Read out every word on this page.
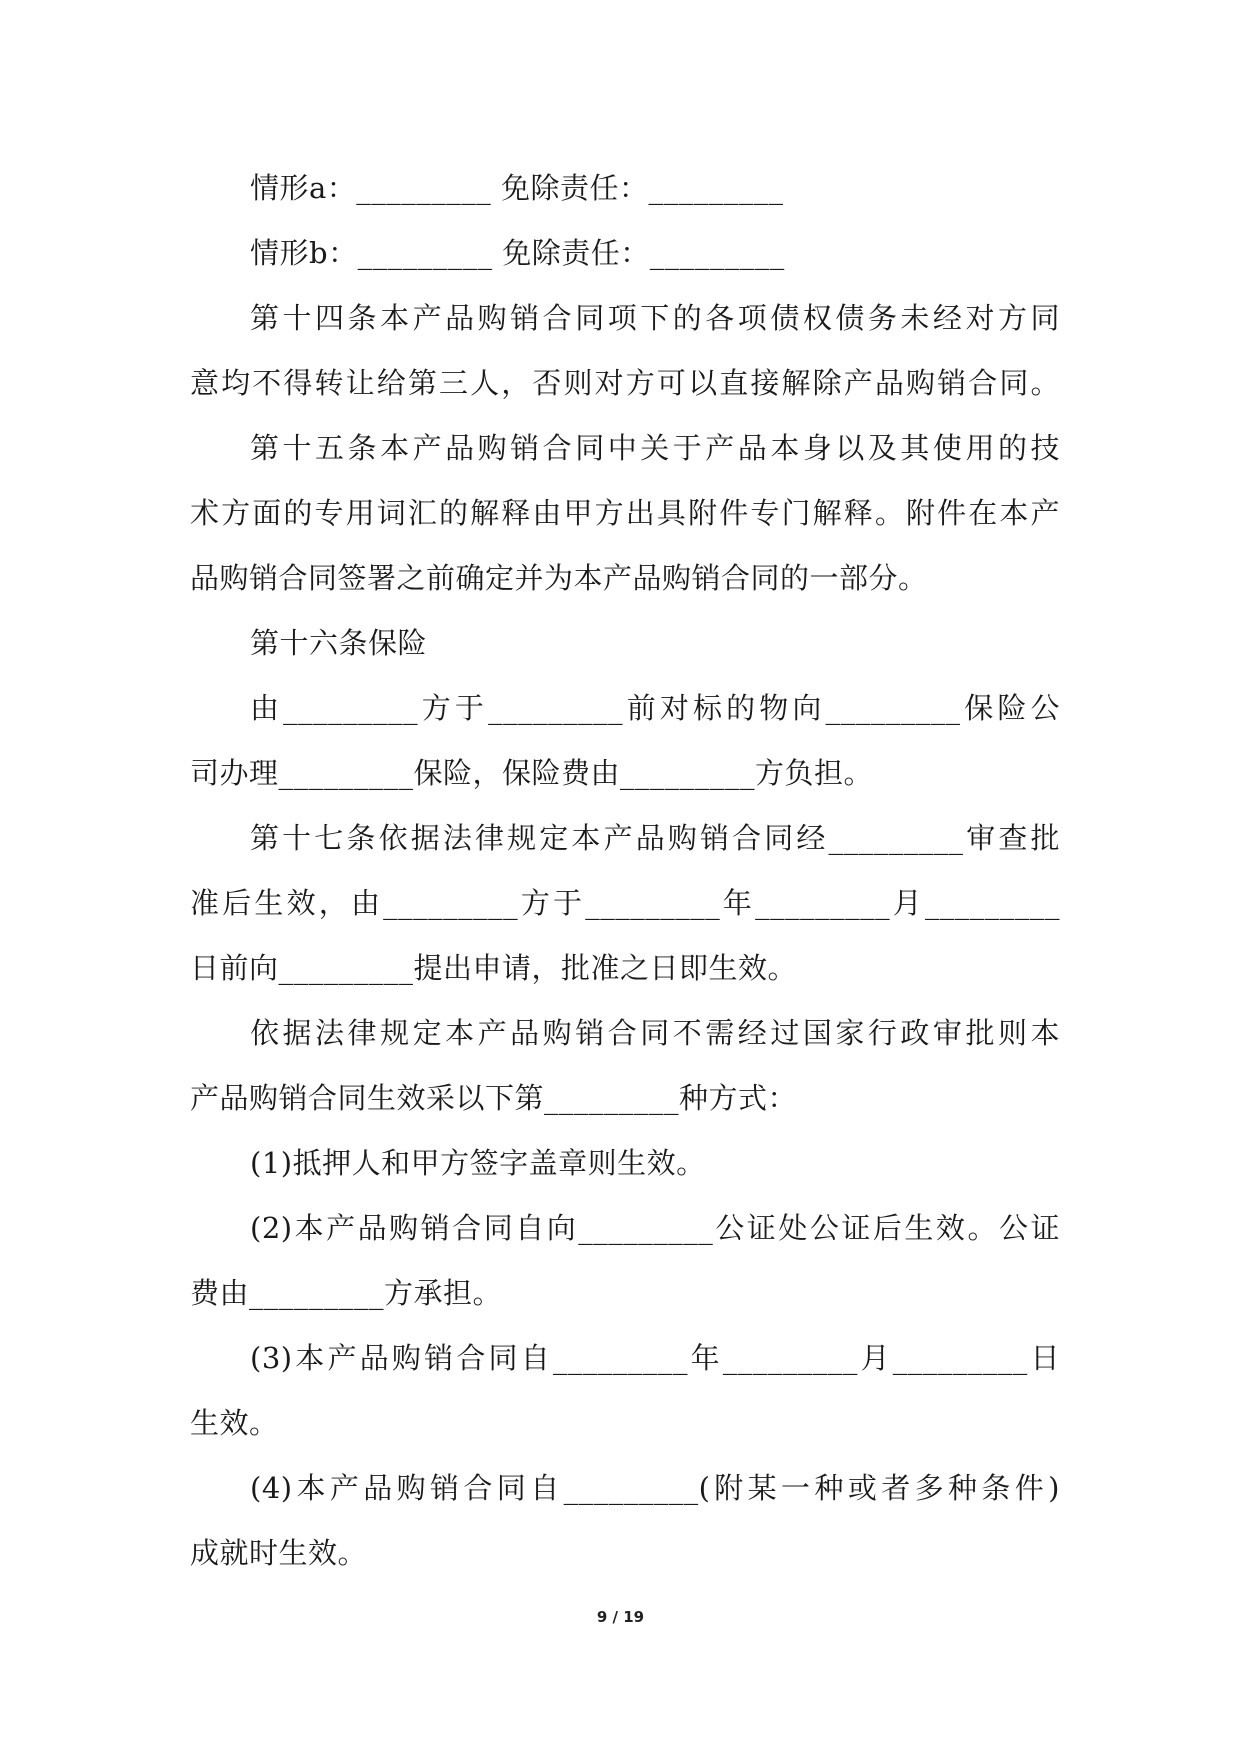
情形a：_________ 免除责任：_________
情形b：_________ 免除责任：_________
第十四条本产品购销合同项下的各项债权债务未经对方同
意均不得转让给第三人，否则对方可以直接解除产品购销合同。
第十五条本产品购销合同中关于产品本身以及其使用的技
术方面的专用词汇的解释由甲方出具附件专门解释。附件在本产
品购销合同签署之前确定并为本产品购销合同的一部分。
第十六条保险
由_________方于_________前对标的物向_________保险公
司办理_________保险，保险费由_________方负担。
第十七条依据法律规定本产品购销合同经_________审查批
准后生效，由_________方于_________年_________月_________
日前向_________提出申请，批准之日即生效。
依据法律规定本产品购销合同不需经过国家行政审批则本
产品购销合同生效采以下第_________种方式：
(1)抵押人和甲方签字盖章则生效。
(2)本产品购销合同自向_________公证处公证后生效。公证
费由_________方承担。
(3)本产品购销合同自_________年_________月_________日
生效。
(4)本产品购销合同自_________(附某一种或者多种条件)
成就时生效。
9 / 19
